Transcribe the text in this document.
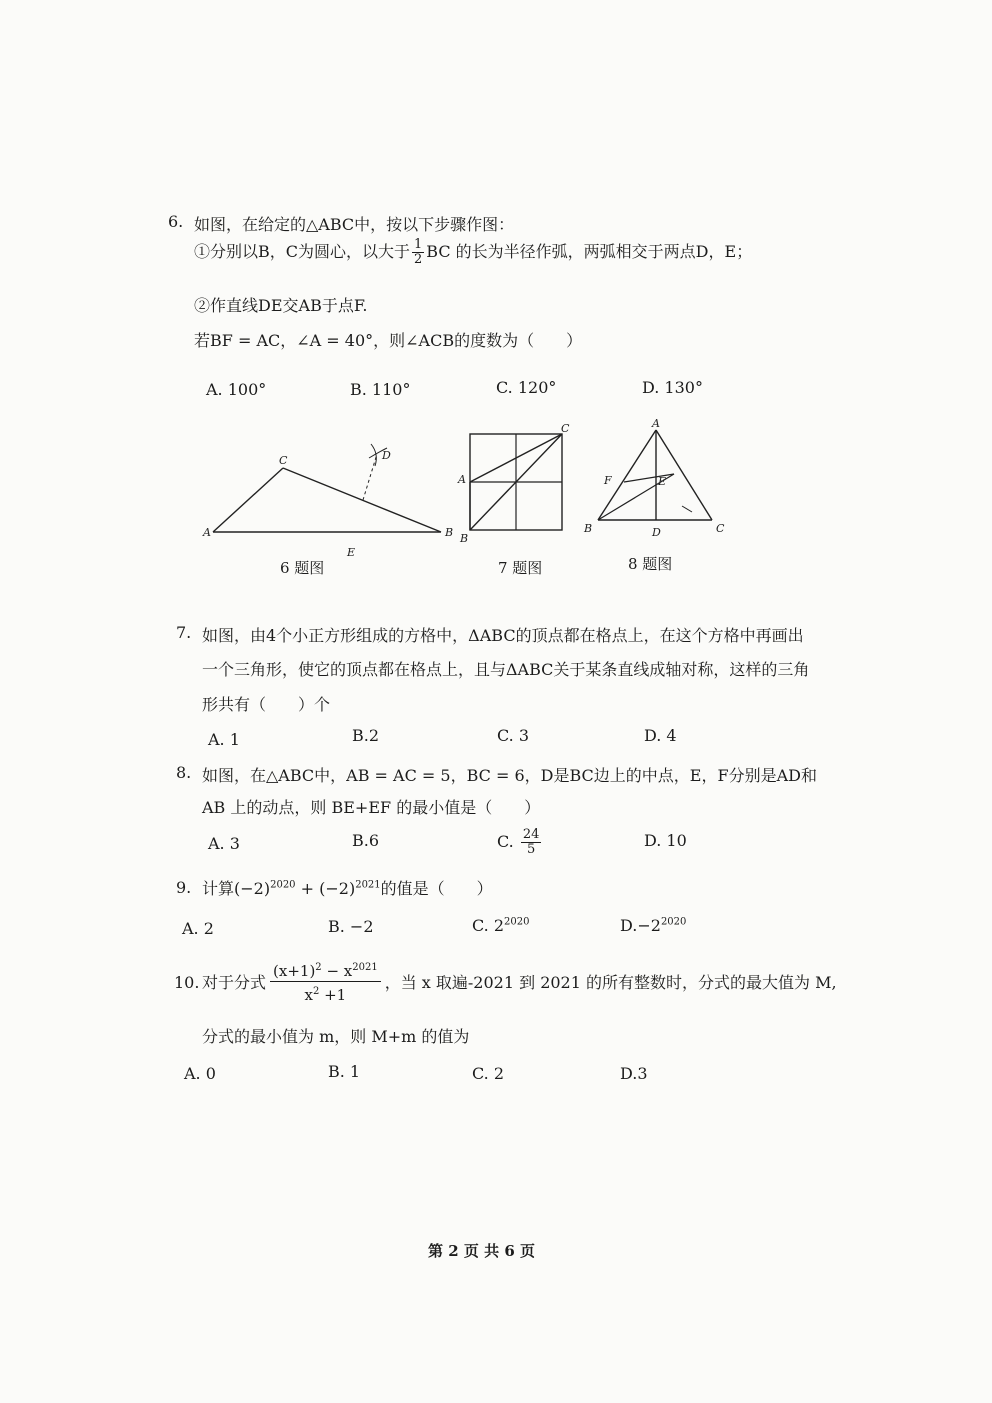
6. 如图，在给定的△ABC中，按以下步骤作图：
①分别以B，C为圆心，以大于 $\frac{1}{2}$ BC 的长为半径作弧，两弧相交于两点D，E；
②作直线DE交AB于点F.
若BF = AC，∠A = 40°，则∠ACB的度数为（　　）
A. 100°	B. 110°	C. 120°	D. 130°
A	B
C	D
E
6 题图
A
B
C
7 题图
A
B	C
D
E
F
8 题图
7. 如图，由4个小正方形组成的方格中，ΔABC的顶点都在格点上，在这个方格中再画出
一个三角形，使它的顶点都在格点上，且与ΔABC关于某条直线成轴对称，这样的三角
形共有（　　）个
A. 1	B.2	C. 3	D. 4
8. 如图，在△ABC中，AB = AC = 5，BC = 6，D是BC边上的中点，E，F分别是AD和
AB 上的动点，则 BE+EF 的最小值是（　　）
A. 3	B.6	C. $\frac{24}{5}$	D. 10
9. 计算$(-2)^{2020} + (-2)^{2021}$的值是（　　）
A. 2	B. −2	C. $2^{2020}$	$D.-2^{2020}$
10. 对于分式 $\frac{(x+1)^2 - x^{2021}}{x^2 +1}$ ，当 x 取遍-2021 到 2021 的所有整数时，分式的最大值为 M,
分式的最小值为 m，则 M+m 的值为
A. 0	B. 1	C. 2	D.3
第 2 页 共 6 页
